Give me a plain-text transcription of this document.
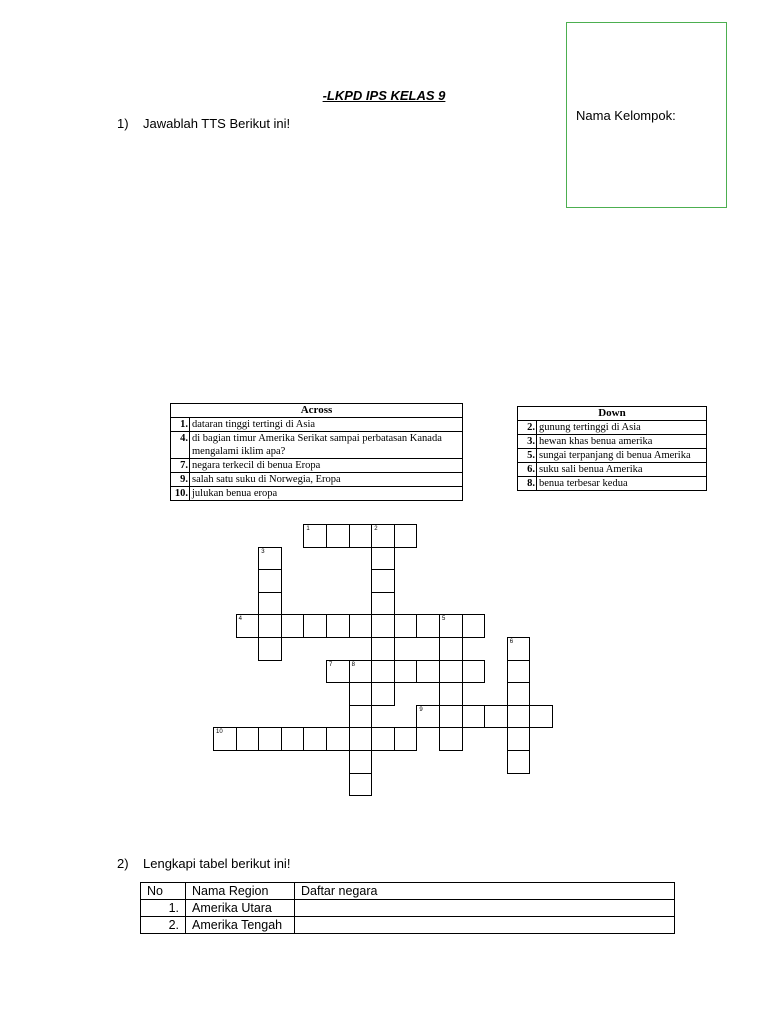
-LKPD IPS KELAS 9
1) Jawablah TTS Berikut ini!
Nama Kelompok:
Across	
1.	dataran tinggi tertingi di Asia
4.	di bagian timur Amerika Serikat sampai perbatasan Kanada mengalami iklim apa?
7.	negara terkecil di benua Eropa
9.	salah satu suku di Norwegia, Eropa
10.	julukan benua eropa
Down	
2.	gunung tertinggi di Asia
3.	hewan khas benua amerika
5.	sungai terpanjang di benua Amerika
6.	suku sali benua Amerika
8.	benua terbesar kedua
1	2
3
4	5
6
7	8
9
10
2) Lengkapi tabel berikut ini!
No	Nama Region	Daftar negara
1.	Amerika Utara	
2.	Amerika Tengah	
